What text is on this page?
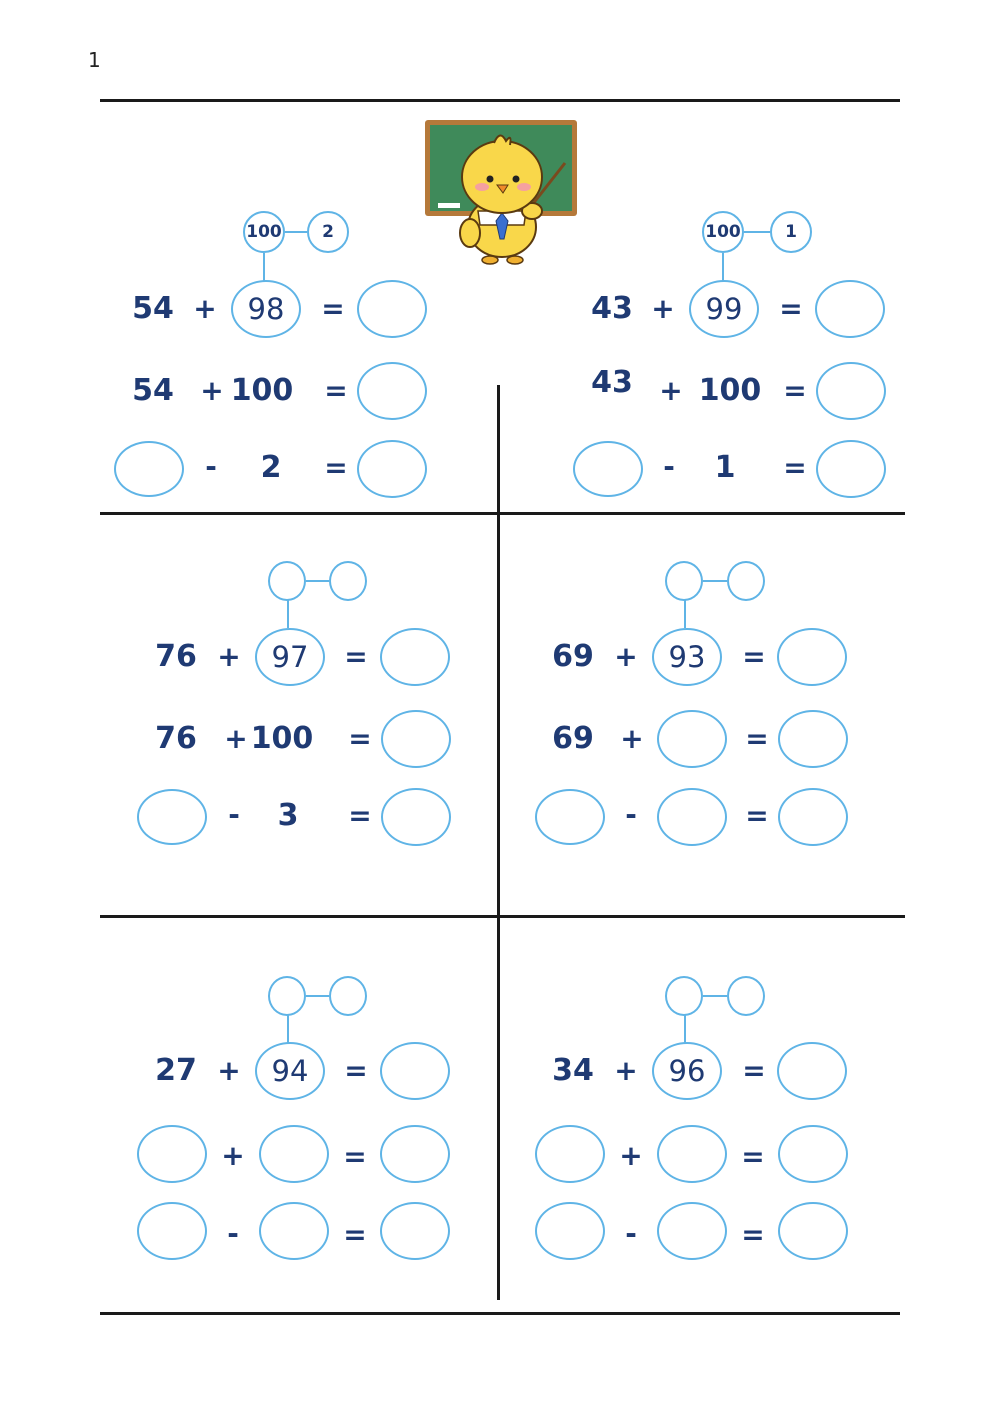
1
100	2
54 +	98	=
54 + 100 =
- 2 =
100	1
43 +	99	=
43 + 100 =
- 1 =
76 +	97	=
76 + 100 =
- 3 =
69 +	93	=
69 +	=
-	=
27 +	94	=
+	=
-	=
34 +	96	=
+	=
-	=
